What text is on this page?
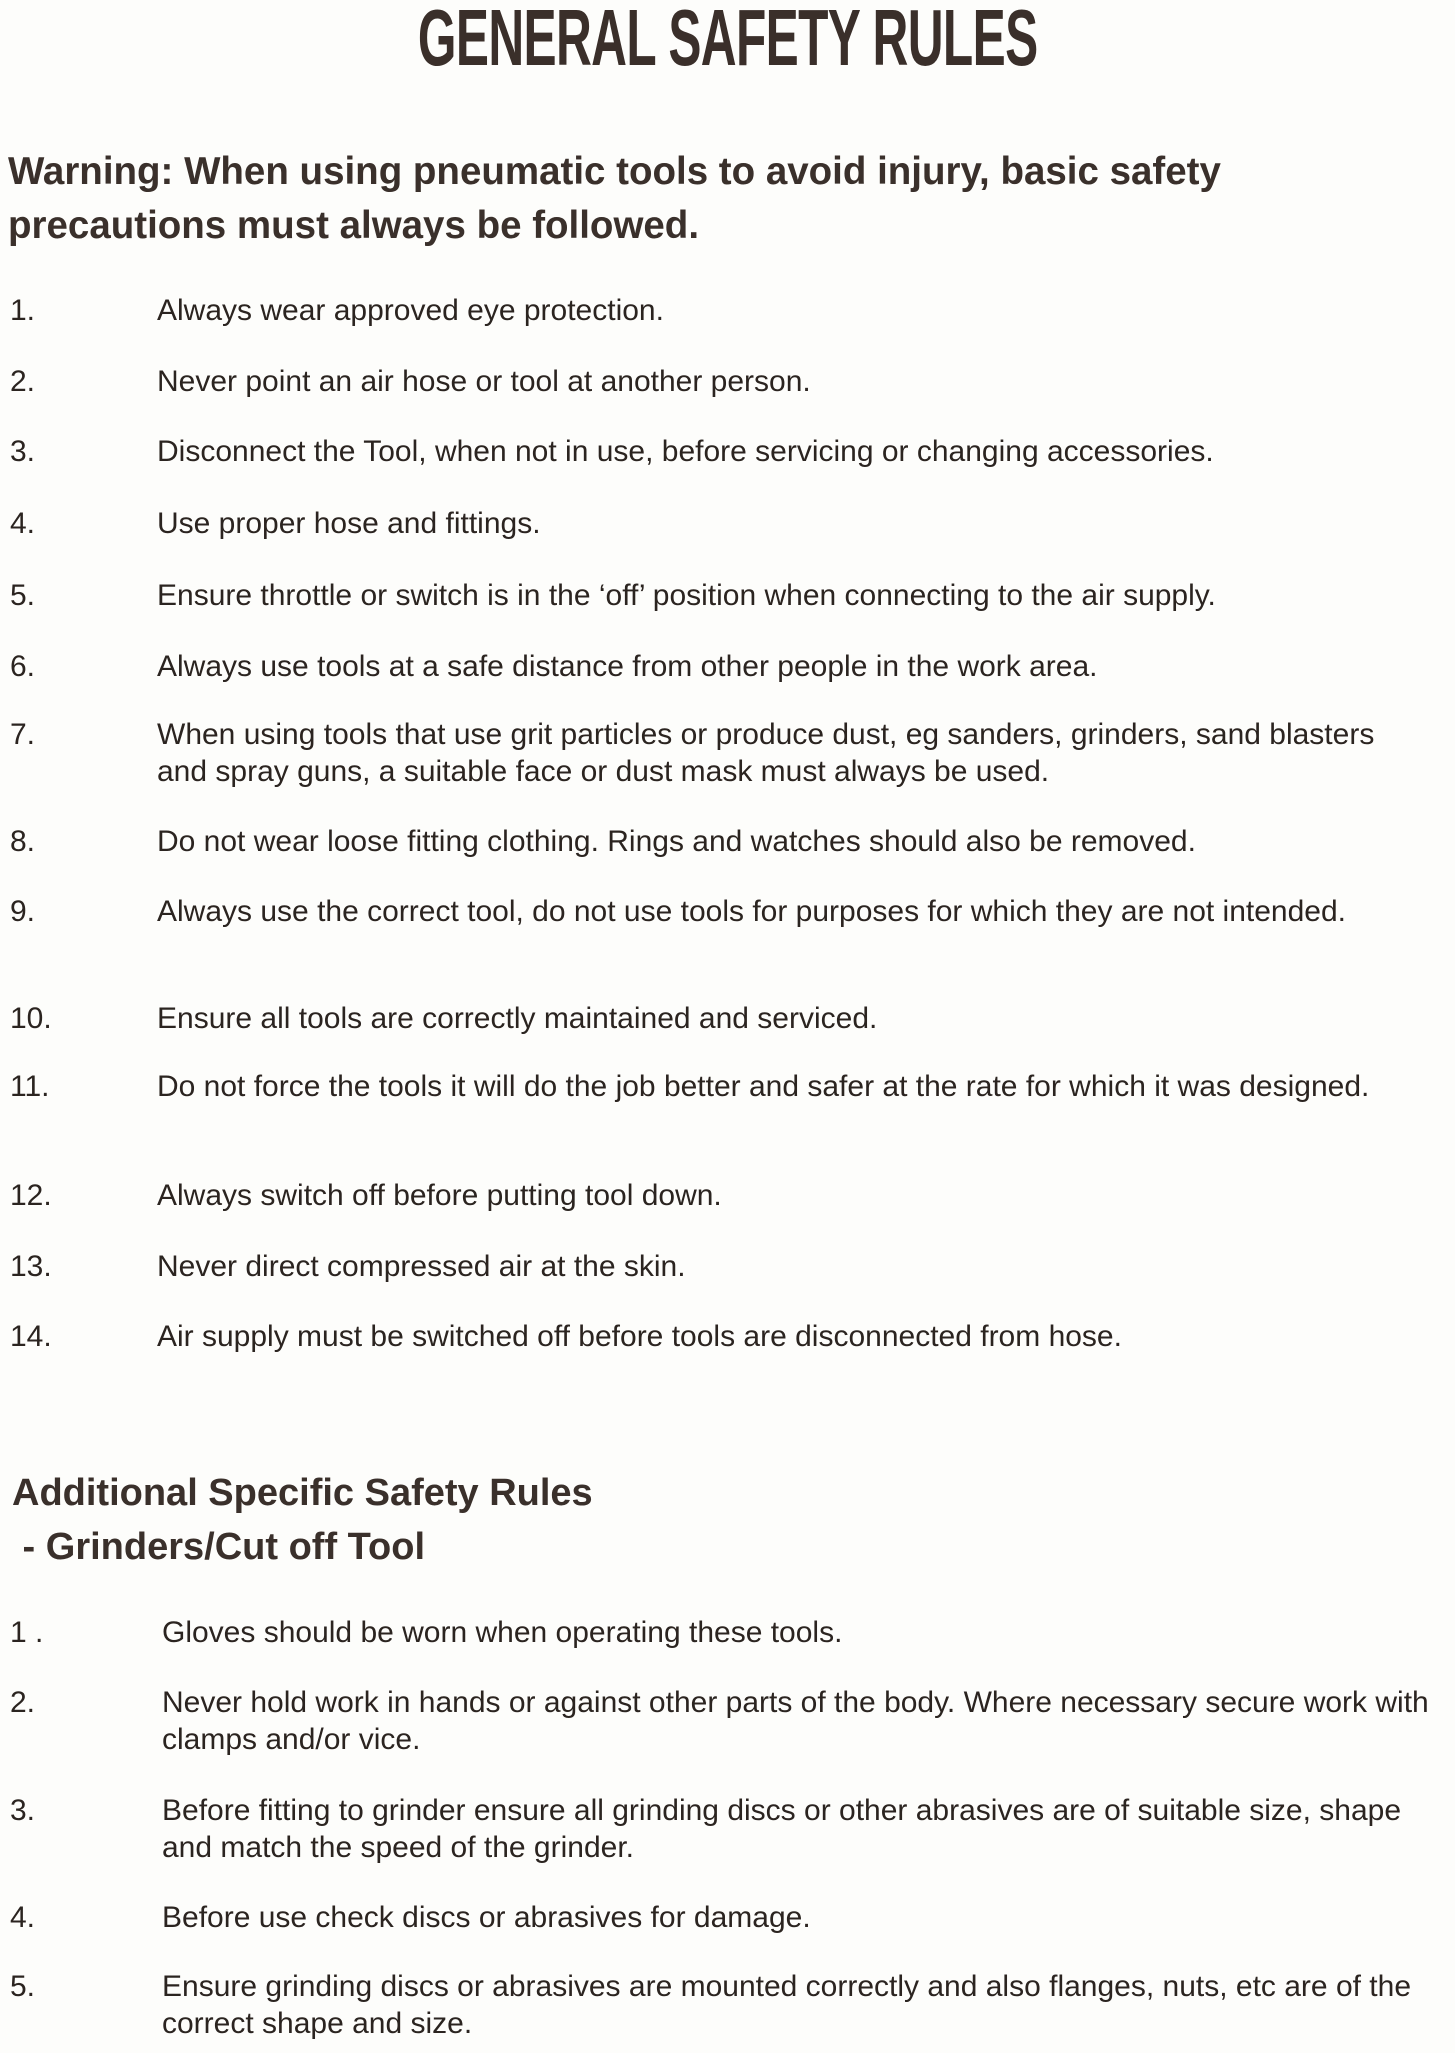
GENERAL SAFETY RULES
Warning: When using pneumatic tools to avoid injury, basic safety precautions must always be followed.
1.	Always wear approved eye protection.
2.	Never point an air hose or tool at another person.
3.	Disconnect the Tool, when not in use, before servicing or changing accessories.
4.	Use proper hose and fittings.
5.	Ensure throttle or switch is in the ‘off’ position when connecting to the air supply.
6.	Always use tools at a safe distance from other people in the work area.
7.	When using tools that use grit particles or produce dust, eg sanders, grinders, sand blasters and spray guns, a suitable face or dust mask must always be used.
8.	Do not wear loose fitting clothing. Rings and watches should also be removed.
9.	Always use the correct tool, do not use tools for purposes for which they are not intended.
10.	Ensure all tools are correctly maintained and serviced.
11.	Do not force the tools it will do the job better and safer at the rate for which it was designed.
12.	Always switch off before putting tool down.
13.	Never direct compressed air at the skin.
14.	Air supply must be switched off before tools are disconnected from hose.
Additional Specific Safety Rules
- Grinders/Cut off Tool
1 .	Gloves should be worn when operating these tools.
2.	Never hold work in hands or against other parts of the body. Where necessary secure work with clamps and/or vice.
3.	Before fitting to grinder ensure all grinding discs or other abrasives are of suitable size, shape and match the speed of the grinder.
4.	Before use check discs or abrasives for damage.
5.	Ensure grinding discs or abrasives are mounted correctly and also flanges, nuts, etc are of the correct shape and size.
